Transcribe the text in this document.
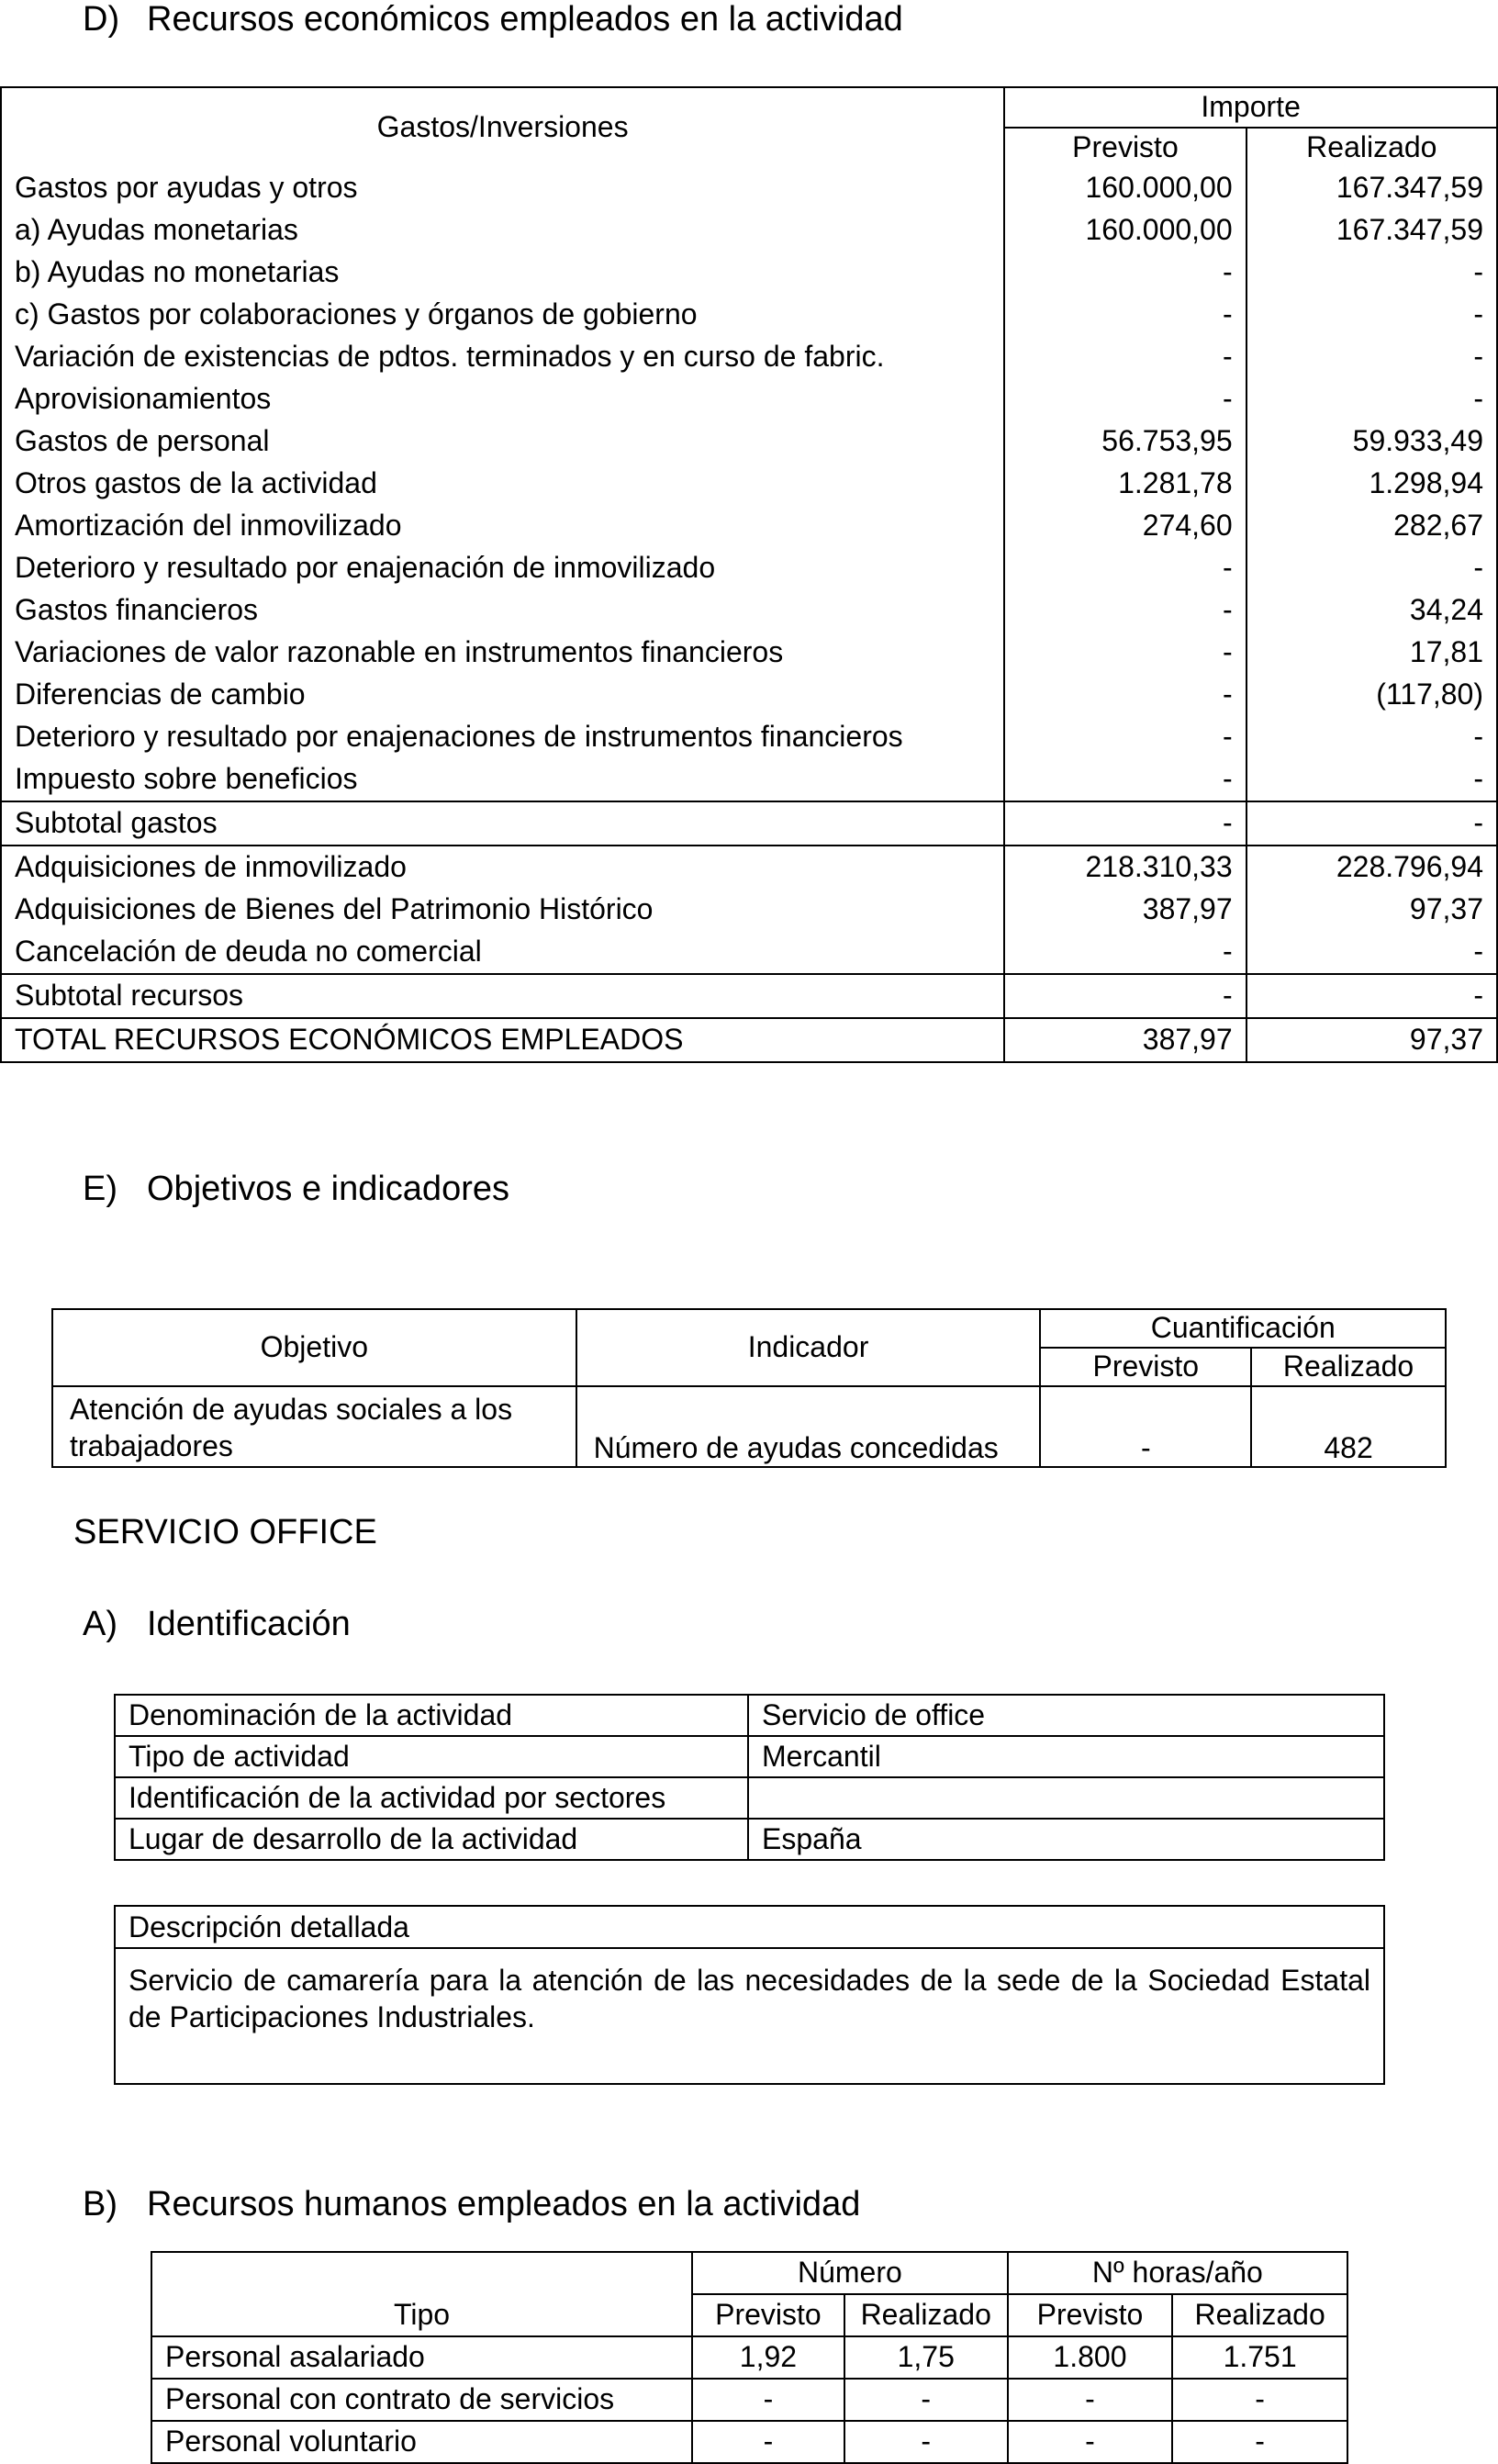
D) Recursos económicos empleados en la actividad
Gastos/Inversiones	Importe	
	Previsto	Realizado
Gastos por ayudas y otros	160.000,00	167.347,59
a) Ayudas monetarias	160.000,00	167.347,59
b) Ayudas no monetarias	-	-
c) Gastos por colaboraciones y órganos de gobierno	-	-
Variación de existencias de pdtos. terminados y en curso de fabric.	-	-
Aprovisionamientos	-	-
Gastos de personal	56.753,95	59.933,49
Otros gastos de la actividad	1.281,78	1.298,94
Amortización del inmovilizado	274,60	282,67
Deterioro y resultado por enajenación de inmovilizado	-	-
Gastos financieros	-	34,24
Variaciones de valor razonable en instrumentos financieros	-	17,81
Diferencias de cambio	-	(117,80)
Deterioro y resultado por enajenaciones de instrumentos financieros	-	-
Impuesto sobre beneficios	-	-
Subtotal gastos	-	-
Adquisiciones de inmovilizado	218.310,33	228.796,94
Adquisiciones de Bienes del Patrimonio Histórico	387,97	97,37
Cancelación de deuda no comercial	-	-
Subtotal recursos	-	-
TOTAL RECURSOS ECONÓMICOS EMPLEADOS	387,97	97,37
E) Objetivos e indicadores
Objetivo	Indicador	Cuantificación	
		Previsto	Realizado
Atención de ayudas sociales a los trabajadores	Número de ayudas concedidas	-	482
SERVICIO OFFICE
A) Identificación
Denominación de la actividad	Servicio de office
Tipo de actividad	Mercantil
Identificación de la actividad por sectores	
Lugar de desarrollo de la actividad	España
Descripción detallada
Servicio de camarería para la atención de las necesidades de la sede de la Sociedad Estatal de Participaciones Industriales.
B) Recursos humanos empleados en la actividad
	Número		Nº horas/año	
Tipo	Previsto	Realizado	Previsto	Realizado
Personal asalariado	1,92	1,75	1.800	1.751
Personal con contrato de servicios	-	-	-	-
Personal voluntario	-	-	-	-
